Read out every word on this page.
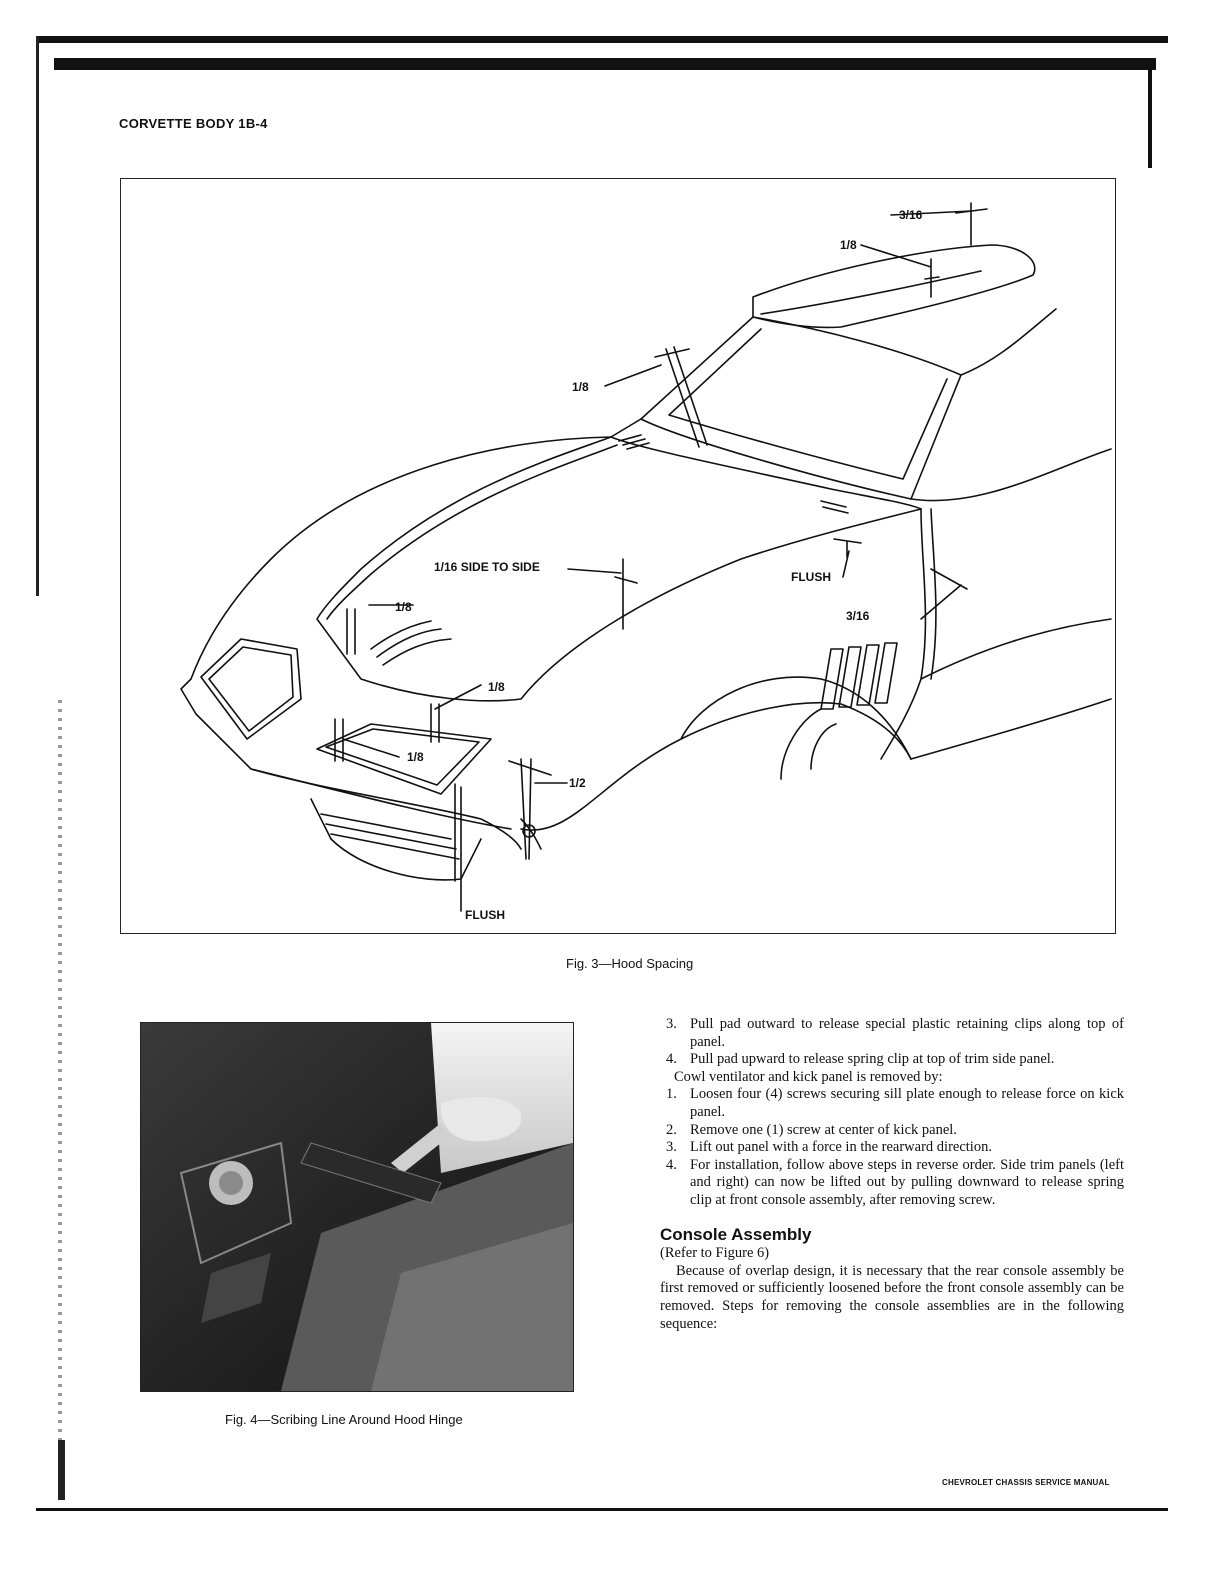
CORVETTE BODY 1B-4
3/16
1/8
1/8
1/16 SIDE TO SIDE
FLUSH
3/16
1/8
1/8
1/8
1/2
FLUSH
Fig. 3—Hood Spacing
Fig. 4—Scribing Line Around Hood Hinge

3. Pull pad outward to release special plastic retaining clips along top of panel.

4. Pull pad upward to release spring clip at top of trim side panel.

Cowl ventilator and kick panel is removed by:

1. Loosen four (4) screws securing sill plate enough to release force on kick panel.

2. Remove one (1) screw at center of kick panel.

3. Lift out panel with a force in the rearward direction.

4. For installation, follow above steps in reverse order. Side trim panels (left and right) can now be lifted out by pulling downward to release spring clip at front console assembly, after removing screw.

Console Assembly

(Refer to Figure 6)

Because of overlap design, it is necessary that the rear console assembly be first removed or sufficiently loosened before the front console assembly can be removed. Steps for removing the console assemblies are in the following sequence:

CHEVROLET CHASSIS SERVICE MANUAL
